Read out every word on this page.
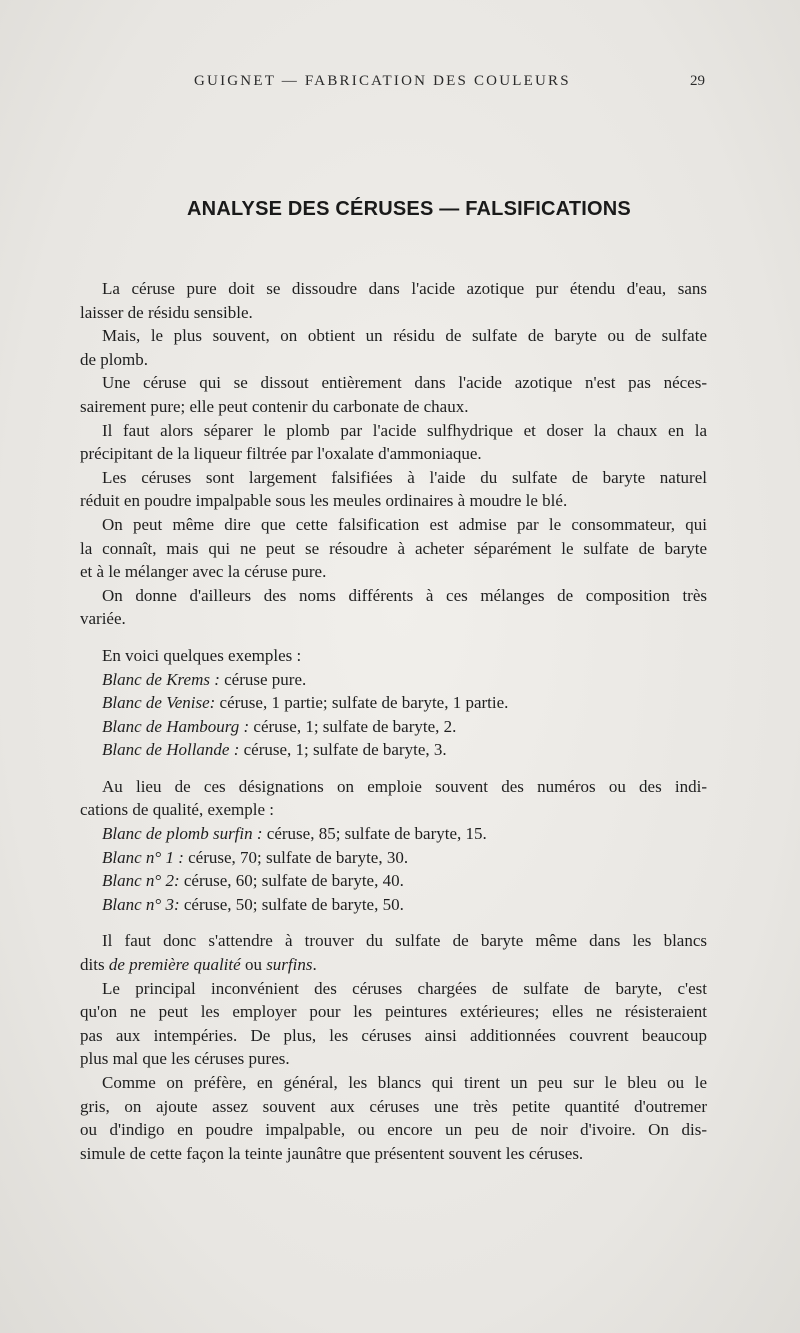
GUIGNET — FABRICATION DES COULEURS	29
ANALYSE DES CÉRUSES — FALSIFICATIONS
La céruse pure doit se dissoudre dans l'acide azotique pur étendu d'eau, sans
laisser de résidu sensible.
Mais, le plus souvent, on obtient un résidu de sulfate de baryte ou de sulfate
de plomb.
Une céruse qui se dissout entièrement dans l'acide azotique n'est pas néces-
sairement pure; elle peut contenir du carbonate de chaux.
Il faut alors séparer le plomb par l'acide sulfhydrique et doser la chaux en la
précipitant de la liqueur filtrée par l'oxalate d'ammoniaque.
Les céruses sont largement falsifiées à l'aide du sulfate de baryte naturel
réduit en poudre impalpable sous les meules ordinaires à moudre le blé.
On peut même dire que cette falsification est admise par le consommateur, qui
la connaît, mais qui ne peut se résoudre à acheter séparément le sulfate de baryte
et à le mélanger avec la céruse pure.
On donne d'ailleurs des noms différents à ces mélanges de composition très
variée.
En voici quelques exemples :
Blanc de Krems : céruse pure.
Blanc de Venise: céruse, 1 partie; sulfate de baryte, 1 partie.
Blanc de Hambourg : céruse, 1; sulfate de baryte, 2.
Blanc de Hollande : céruse, 1; sulfate de baryte, 3.
Au lieu de ces désignations on emploie souvent des numéros ou des indi-
cations de qualité, exemple :
Blanc de plomb surfin : céruse, 85; sulfate de baryte, 15.
Blanc n° 1 : céruse, 70; sulfate de baryte, 30.
Blanc n° 2: céruse, 60; sulfate de baryte, 40.
Blanc n° 3: céruse, 50; sulfate de baryte, 50.
Il faut donc s'attendre à trouver du sulfate de baryte même dans les blancs
dits de première qualité ou surfins.
Le principal inconvénient des céruses chargées de sulfate de baryte, c'est
qu'on ne peut les employer pour les peintures extérieures; elles ne résisteraient
pas aux intempéries. De plus, les céruses ainsi additionnées couvrent beaucoup
plus mal que les céruses pures.
Comme on préfère, en général, les blancs qui tirent un peu sur le bleu ou le
gris, on ajoute assez souvent aux céruses une très petite quantité d'outremer
ou d'indigo en poudre impalpable, ou encore un peu de noir d'ivoire. On dis-
simule de cette façon la teinte jaunâtre que présentent souvent les céruses.
